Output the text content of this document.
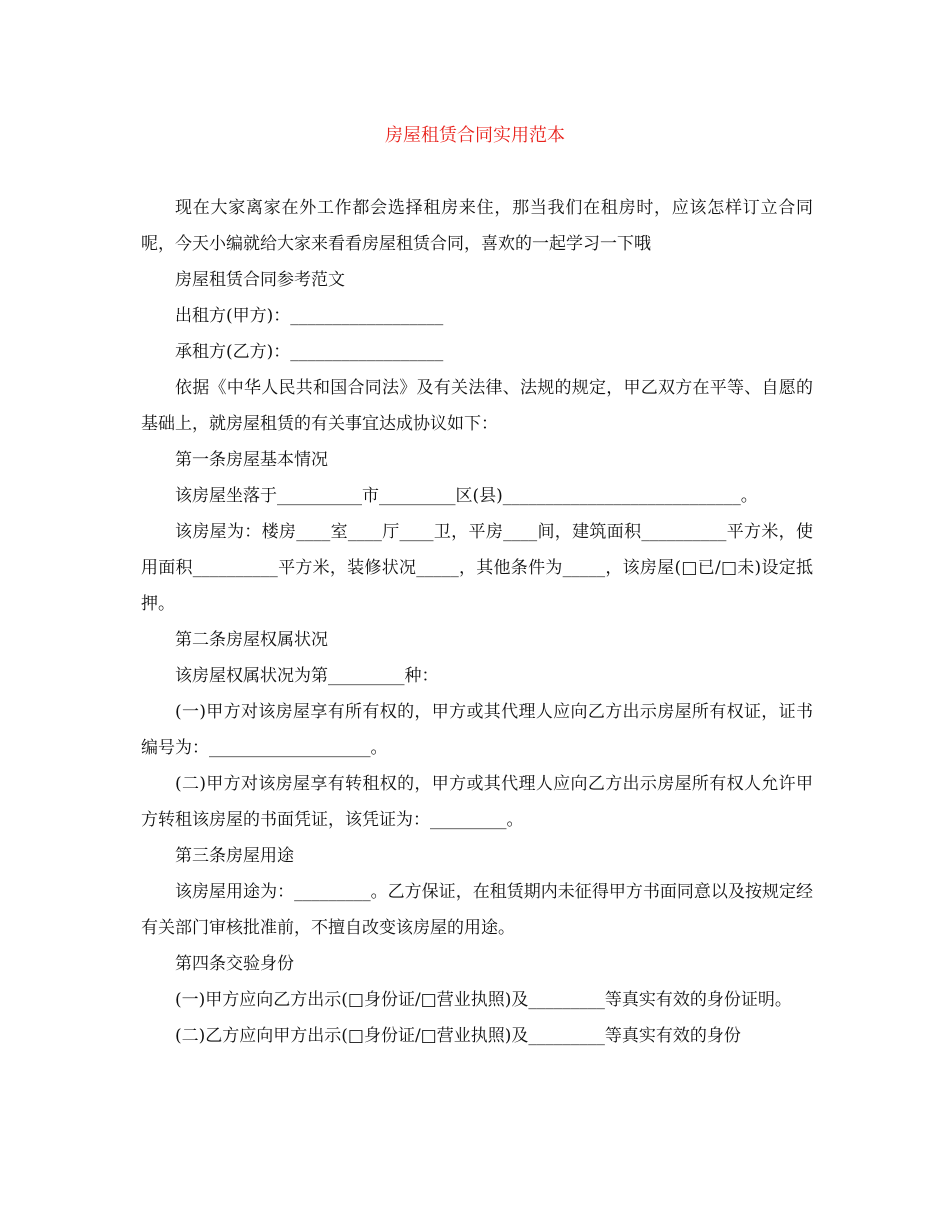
房屋租赁合同实用范本

现在大家离家在外工作都会选择租房来住，那当我们在租房时，应该怎样订立合同呢，今天小编就给大家来看看房屋租赁合同，喜欢的一起学习一下哦

房屋租赁合同参考范文

出租方(甲方)：__________________

承租方(乙方)：__________________

依据《中华人民共和国合同法》及有关法律、法规的规定，甲乙双方在平等、自愿的基础上，就房屋租赁的有关事宜达成协议如下：

第一条房屋基本情况

该房屋坐落于__________市_________区(县)____________________________。

该房屋为：楼房____室____厅____卫，平房____间，建筑面积__________平方米，使用面积__________平方米，装修状况_____，其他条件为_____，该房屋(□已/□未)设定抵押。

第二条房屋权属状况

该房屋权属状况为第_________种：

(一)甲方对该房屋享有所有权的，甲方或其代理人应向乙方出示房屋所有权证，证书编号为：___________________。

(二)甲方对该房屋享有转租权的，甲方或其代理人应向乙方出示房屋所有权人允许甲方转租该房屋的书面凭证，该凭证为：_________。

第三条房屋用途

该房屋用途为：_________。乙方保证，在租赁期内未征得甲方书面同意以及按规定经有关部门审核批准前，不擅自改变该房屋的用途。

第四条交验身份

(一)甲方应向乙方出示(□身份证/□营业执照)及_________等真实有效的身份证明。

(二)乙方应向甲方出示(□身份证/□营业执照)及_________等真实有效的身份
